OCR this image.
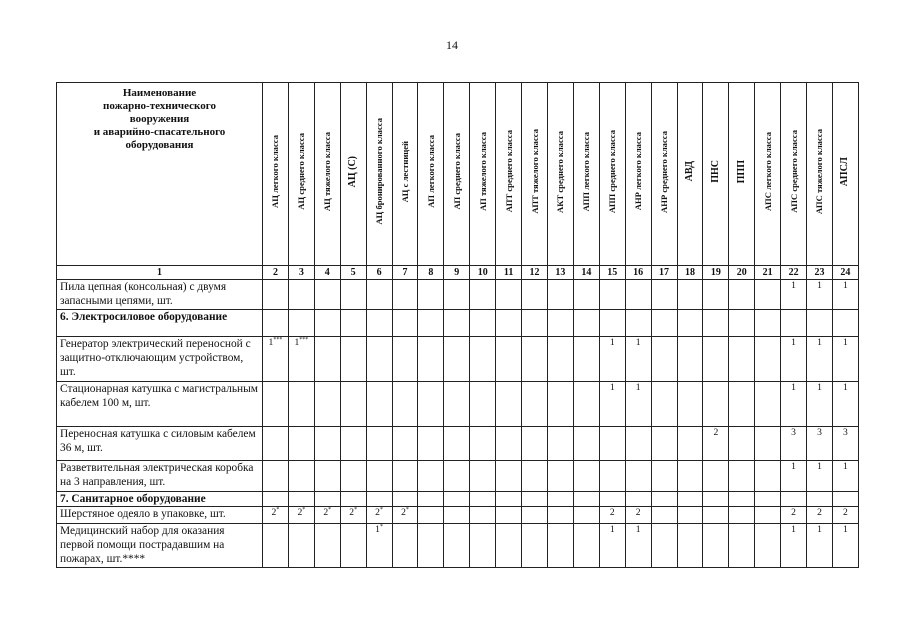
14
Наименование
пожарно-технического
вооружения
и аварийно-спасательного
оборудования	АЦ легкого класса	АЦ среднего класса	АЦ тяжелого класса	АЦ (С)	АЦ бронированного класса	АЦ с лестницей	АП легкого класса	АП среднего класса	АП тяжелого класса	АПТ среднего класса	АПТ тяжелого класса	АКТ среднего класса	АПП легкого класса	АПП среднего класса	АНР легкого класса	АНР среднего класса	АВД	ПНС	ППП	АПС легкого класса	АПС среднего класса	АПС тяжелого класса	АПСЛ
1	2	3	4	5	6	7	8	9	10	11	12	13	14	15	16	17	18	19	20	21	22	23	24
Пила цепная (консольная) с двумя запасными цепями, шт.																					1	1	1
6. Электросиловое оборудование																							
Генератор электрический переносной с защитно-отключающим устройством, шт.	1***	1***												1	1						1	1	1
Стационарная катушка с магистральным кабелем 100 м, шт.														1	1						1	1	1
Переносная катушка с силовым кабелем 36 м, шт.																		2			3	3	3
Разветвительная электрическая коробка на 3 направления, шт.																					1	1	1
7. Санитарное оборудование																							
Шерстяное одеяло в упаковке, шт.	2*	2*	2*	2*	2*	2*								2	2						2	2	2
Медицинский набор для оказания первой помощи пострадавшим на пожарах, шт.****					1*									1	1						1	1	1
